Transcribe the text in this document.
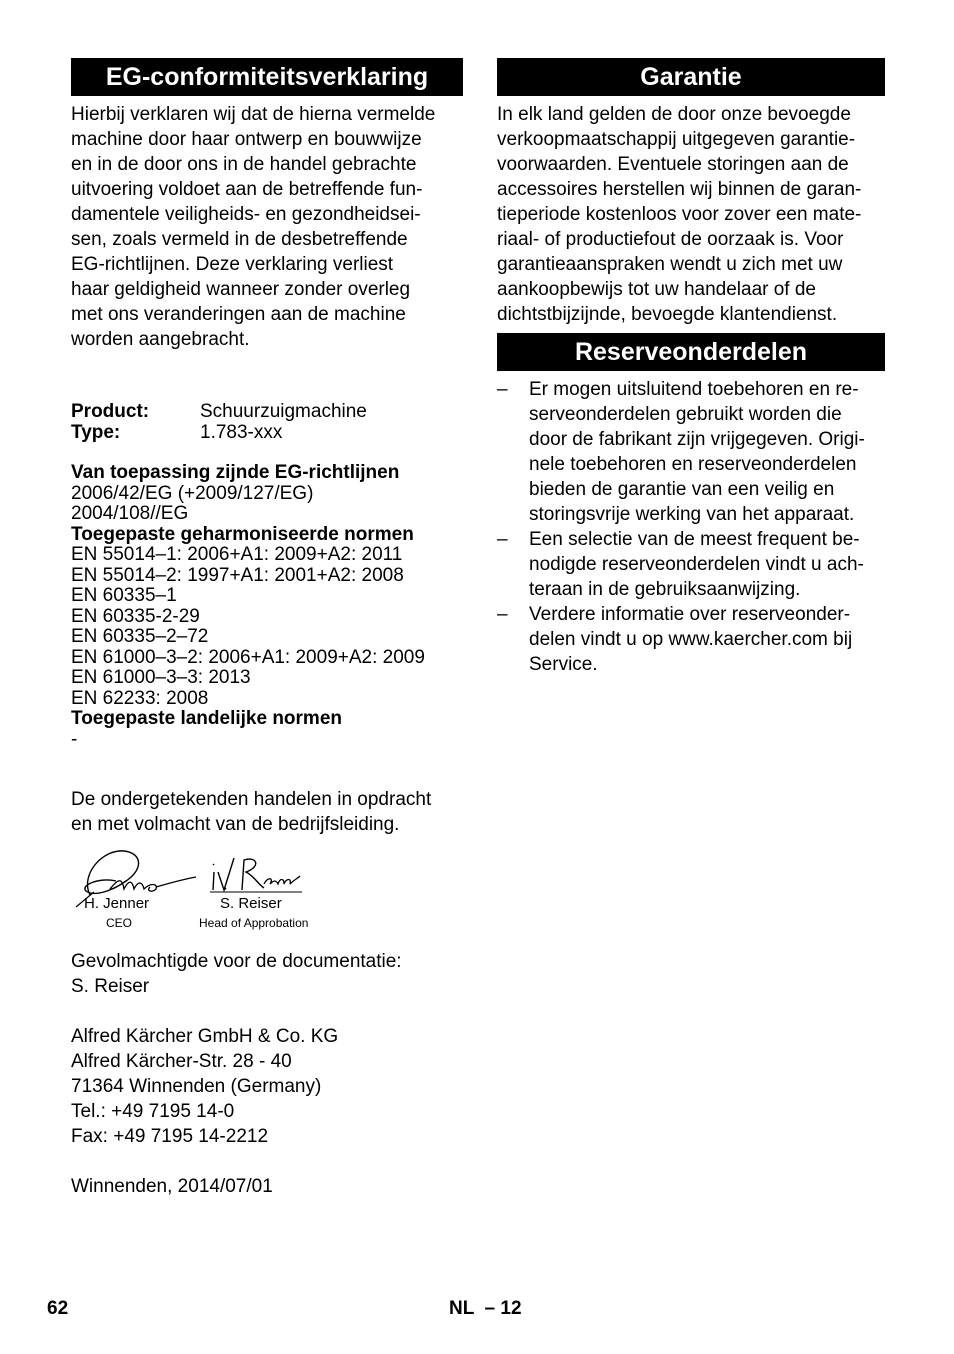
EG-conformiteitsverklaring
Hierbij verklaren wij dat de hierna vermelde
machine door haar ontwerp en bouwwijze
en in de door ons in de handel gebrachte
uitvoering voldoet aan de betreffende fun-
damentele veiligheids- en gezondheidsei-
sen, zoals vermeld in de desbetreffende
EG-richtlijnen. Deze verklaring verliest
haar geldigheid wanneer zonder overleg
met ons veranderingen aan de machine
worden aangebracht.
Product:	Schuurzuigmachine
Type:	1.783-xxx
Van toepassing zijnde EG-richtlijnen
2006/42/EG (+2009/127/EG)
2004/108//EG
Toegepaste geharmoniseerde normen
EN 55014–1: 2006+A1: 2009+A2: 2011
EN 55014–2: 1997+A1: 2001+A2: 2008
EN 60335–1
EN 60335-2-29
EN 60335–2–72
EN 61000–3–2: 2006+A1: 2009+A2: 2009
EN 61000–3–3: 2013
EN 62233: 2008
Toegepaste landelijke normen
-
De ondergetekenden handelen in opdracht
en met volmacht van de bedrijfsleiding.
H. Jenner
CEO
S. Reiser
Head of Approbation
Gevolmachtigde voor de documentatie:
S. Reiser
Alfred Kärcher GmbH & Co. KG
Alfred Kärcher-Str. 28 - 40
71364 Winnenden (Germany)
Tel.: +49 7195 14-0
Fax: +49 7195 14-2212
Winnenden, 2014/07/01
Garantie
In elk land gelden de door onze bevoegde
verkoopmaatschappij uitgegeven garantie-
voorwaarden. Eventuele storingen aan de
accessoires herstellen wij binnen de garan-
tieperiode kostenloos voor zover een mate-
riaal- of productiefout de oorzaak is. Voor
garantieaanspraken wendt u zich met uw
aankoopbewijs tot uw handelaar of de
dichtstbijzijnde, bevoegde klantendienst.
Reserveonderdelen
– Er mogen uitsluitend toebehoren en re-
serveonderdelen gebruikt worden die
door de fabrikant zijn vrijgegeven. Origi-
nele toebehoren en reserveonderdelen
bieden de garantie van een veilig en
storingsvrije werking van het apparaat.
– Een selectie van de meest frequent be-
nodigde reserveonderdelen vindt u ach-
teraan in de gebruiksaanwijzing.
– Verdere informatie over reserveonder-
delen vindt u op www.kaercher.com bij
Service.
62	NL  – 12
